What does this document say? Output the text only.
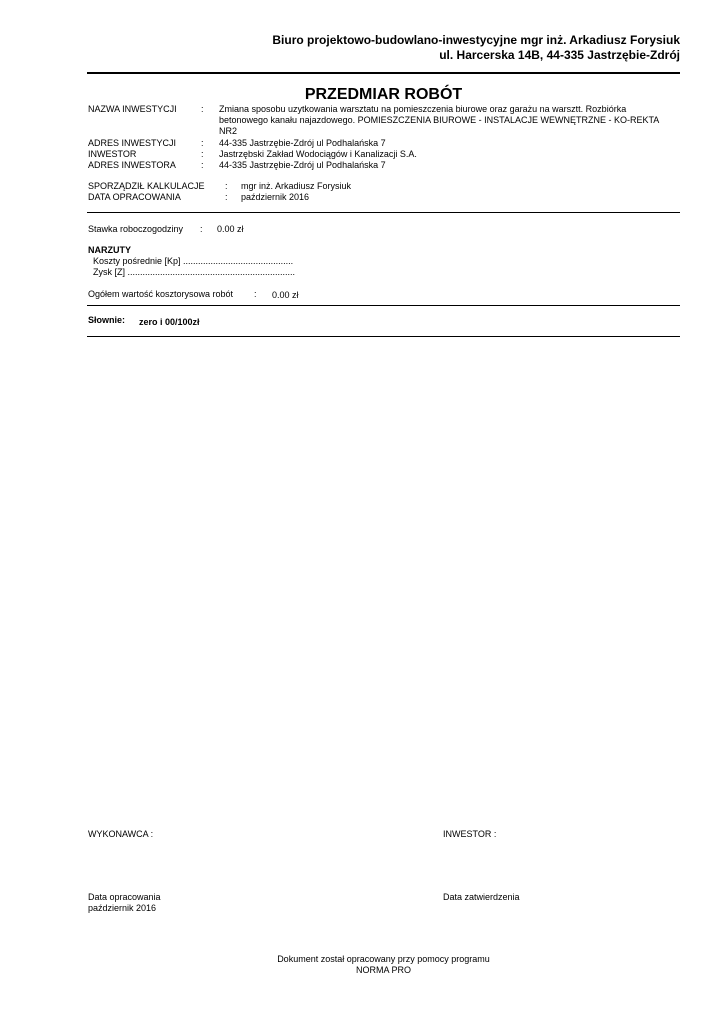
Biuro projektowo-budowlano-inwestycyjne mgr inż. Arkadiusz Forysiuk
ul. Harcerska 14B, 44-335 Jastrzębie-Zdrój
PRZEDMIAR ROBÓT
NAZWA INWESTYCJI	: Zmiana sposobu uzytkowania warsztatu na pomieszczenia biurowe oraz garażu na warsztt. Rozbiórka betonowego kanału najazdowego. POMIESZCZENIA BIUROWE - INSTALACJE WEWNĘTRZNE - KO-REKTA NR2
ADRES INWESTYCJI	: 44-335 Jastrzębie-Zdrój ul Podhalańska 7
INWESTOR	: Jastrzębski Zakład Wodociągów i Kanalizacji S.A.
ADRES INWESTORA	: 44-335 Jastrzębie-Zdrój ul Podhalańska 7
SPORZĄDZIŁ KALKULACJE : mgr inż. Arkadiusz Forysiuk
DATA OPRACOWANIA	: październik 2016
Stawka roboczogodziny : 0.00 zł
NARZUTY
Koszty pośrednie [Kp] ............................................
Zysk [Z] ...................................................................
Ogółem wartość kosztorysowa robót : 0.00 zł
Słownie: zero i 00/100zł
WYKONAWCA :	INWESTOR :
Data opracowania
październik 2016
Data zatwierdzenia
Dokument został opracowany przy pomocy programu
NORMA PRO
